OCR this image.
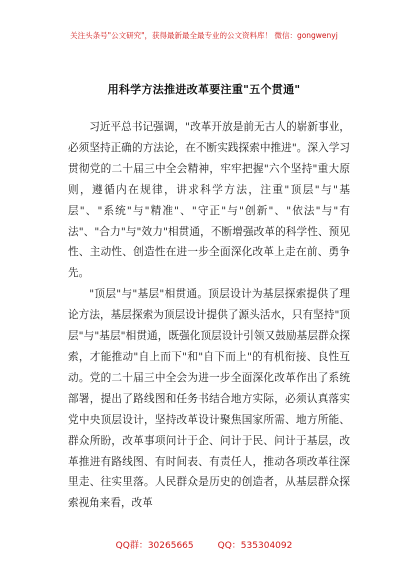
关注头条号"公文研究"，获得最新最全最专业的公文资料库！ 微信：gongwenyj
用科学方法推进改革要注重"五个贯通"

习近平总书记强调，"改革开放是前无古人的崭新事业，必须坚持正确的方法论，在不断实践探索中推进"。深入学习贯彻党的二十届三中全会精神，牢牢把握"六个坚持"重大原则，遵循内在规律，讲求科学方法，注重"顶层"与"基层"、"系统"与"精准"、"守正"与"创新"、"依法"与"有法"、"合力"与"效力"相贯通，不断增强改革的科学性、预见性、主动性、创造性在进一步全面深化改革上走在前、勇争先。

"顶层"与"基层"相贯通。顶层设计为基层探索提供了理论方法，基层探索为顶层设计提供了源头活水，只有坚持"顶层"与"基层"相贯通，既强化顶层设计引领又鼓励基层群众探索，才能推动"自上而下"和"自下而上"的有机衔接、良性互动。党的二十届三中全会为进一步全面深化改革作出了系统部署，提出了路线图和任务书结合地方实际，必须认真落实党中央顶层设计，坚持改革设计聚焦国家所需、地方所能、群众所盼，改革事项问计于企、问计于民、问计于基层，改革推进有路线图、有时间表、有责任人，推动各项改革往深里走、往实里落。人民群众是历史的创造者，从基层群众探索视角来看，改革

QQ群：30265665	QQ：535304092
